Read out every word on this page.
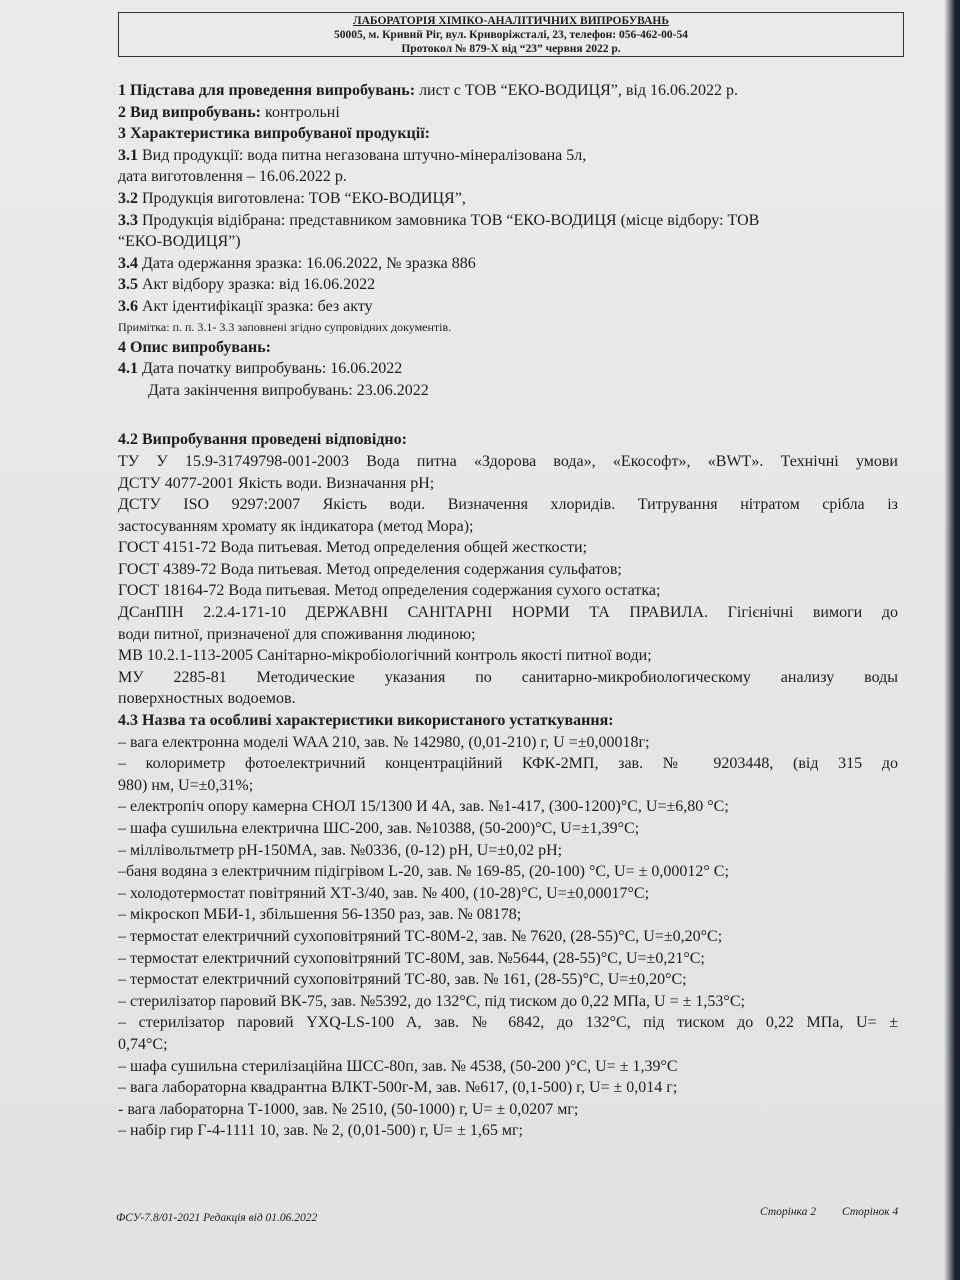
ЛАБОРАТОРІЯ ХІМІКО-АНАЛІТИЧНИХ ВИПРОБУВАНЬ
50005, м. Кривий Ріг, вул. Криворіжсталі, 23, телефон: 056-462-00-54
Протокол № 879-Х від “23” червня 2022 р.
1 Підстава для проведення випробувань: лист с ТОВ “ЕКО-ВОДИЦЯ”, від 16.06.2022 р.
2 Вид випробувань: контрольні
3 Характеристика випробуваної продукції:
3.1 Вид продукції: вода питна негазована штучно-мінералізована 5л,
дата виготовлення – 16.06.2022 р.
3.2 Продукція виготовлена: ТОВ “ЕКО-ВОДИЦЯ”,
3.3 Продукція відібрана: представником замовника ТОВ “ЕКО-ВОДИЦЯ (місце відбору: ТОВ
“ЕКО-ВОДИЦЯ”)
3.4 Дата одержання зразка: 16.06.2022, № зразка 886
3.5 Акт відбору зразка: від 16.06.2022
3.6 Акт ідентифікації зразка: без акту
Примітка: п. п. 3.1- 3.3 заповнені згідно супровідних документів.
4 Опис випробувань:
4.1 Дата початку випробувань: 16.06.2022
Дата закінчення випробувань: 23.06.2022
4.2 Випробування проведені відповідно:
ТУ У 15.9-31749798-001-2003 Вода питна «Здорова вода», «Екософт», «BWT». Технічні умови
ДСТУ 4077-2001 Якість води. Визначання рН;
ДСТУ ISO 9297:2007 Якість води. Визначення хлоридів. Титрування нітратом срібла із
застосуванням хромату як індикатора (метод Мора);
ГОСТ 4151-72 Вода питьевая. Метод определения общей жесткости;
ГОСТ 4389-72 Вода питьевая. Метод определения содержания сульфатов;
ГОСТ 18164-72 Вода питьевая. Метод определения содержания сухого остатка;
ДСанПІН 2.2.4-171-10 ДЕРЖАВНІ САНІТАРНІ НОРМИ ТА ПРАВИЛА. Гігієнічні вимоги до
води питної, призначеної для споживання людиною;
МВ 10.2.1-113-2005 Санітарно-мікробіологічний контроль якості питної води;
МУ 2285-81 Методические указания по санитарно-микробиологическому анализу воды
поверхностных водоемов.
4.3 Назва та особливі характеристики використаного устаткування:
– вага електронна моделі WAA 210, зав. № 142980, (0,01-210) г, U =±0,00018г;
– колориметр фотоелектричний концентраційний КФК-2МП, зав. № 9203448, (від 315 до
980) нм, U=±0,31%;
– електропіч опору камерна СНОЛ 15/1300 И 4А, зав. №1-417, (300-1200)°С, U=±6,80 °С;
– шафа сушильна електрична ШС-200, зав. №10388, (50-200)°С, U=±1,39°С;
– міллівольтметр рН-150МА, зав. №0336, (0-12) рН, U=±0,02 рН;
–баня водяна з електричним підігрівом L-20, зав. № 169-85, (20-100) °С, U= ± 0,00012° С;
– холодотермостат повітряний ХТ-3/40, зав. № 400, (10-28)°С, U=±0,00017°С;
– мікроскоп МБИ-1, збільшення 56-1350 раз, зав. № 08178;
– термостат електричний сухоповітряний ТС-80М-2, зав. № 7620, (28-55)°С, U=±0,20°С;
– термостат електричний сухоповітряний ТС-80М, зав. №5644, (28-55)°С, U=±0,21°С;
– термостат електричний сухоповітряний ТС-80, зав. № 161, (28-55)°С, U=±0,20°С;
– стерилізатор паровий ВК-75, зав. №5392, до 132°С, під тиском до 0,22 МПа, U = ± 1,53°С;
– стерилізатор паровий YXQ-LS-100 A, зав. № 6842, до 132°С, під тиском до 0,22 МПа, U= ±
0,74°С;
– шафа сушильна стерилізаційна ШСС-80п, зав. № 4538, (50-200 )°С, U= ± 1,39°С
– вага лабораторна квадрантна ВЛКТ-500г-М, зав. №617, (0,1-500) г, U= ± 0,014 г;
- вага лабораторна Т-1000, зав. № 2510, (50-1000) г, U= ± 0,0207 мг;
– набір гир Г-4-1111 10, зав. № 2, (0,01-500) г, U= ± 1,65 мг;
ФСУ-7.8/01-2021 Редакція від 01.06.2022	Сторінка 2 Сторінок 4
